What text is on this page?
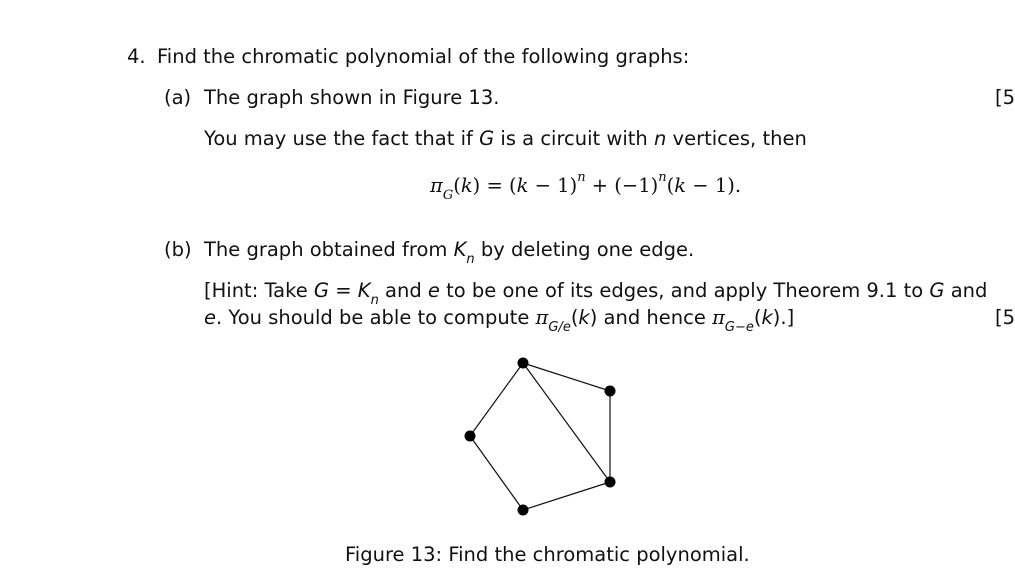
4. Find the chromatic polynomial of the following graphs:
(a) The graph shown in Figure 13.	[5
You may use the fact that if G is a circuit with n vertices, then
$\pi_G(k) = (k - 1)^n + (-1)^n(k - 1)$.
(b) The graph obtained from $K_n$ by deleting one edge.
[Hint: Take $G = K_n$ and e to be one of its edges, and apply Theorem 9.1 to G and
e. You should be able to compute $\pi_{G/e}(k)$ and hence $\pi_{G-e}(k)$.]	[5
Figure 13: Find the chromatic polynomial.
